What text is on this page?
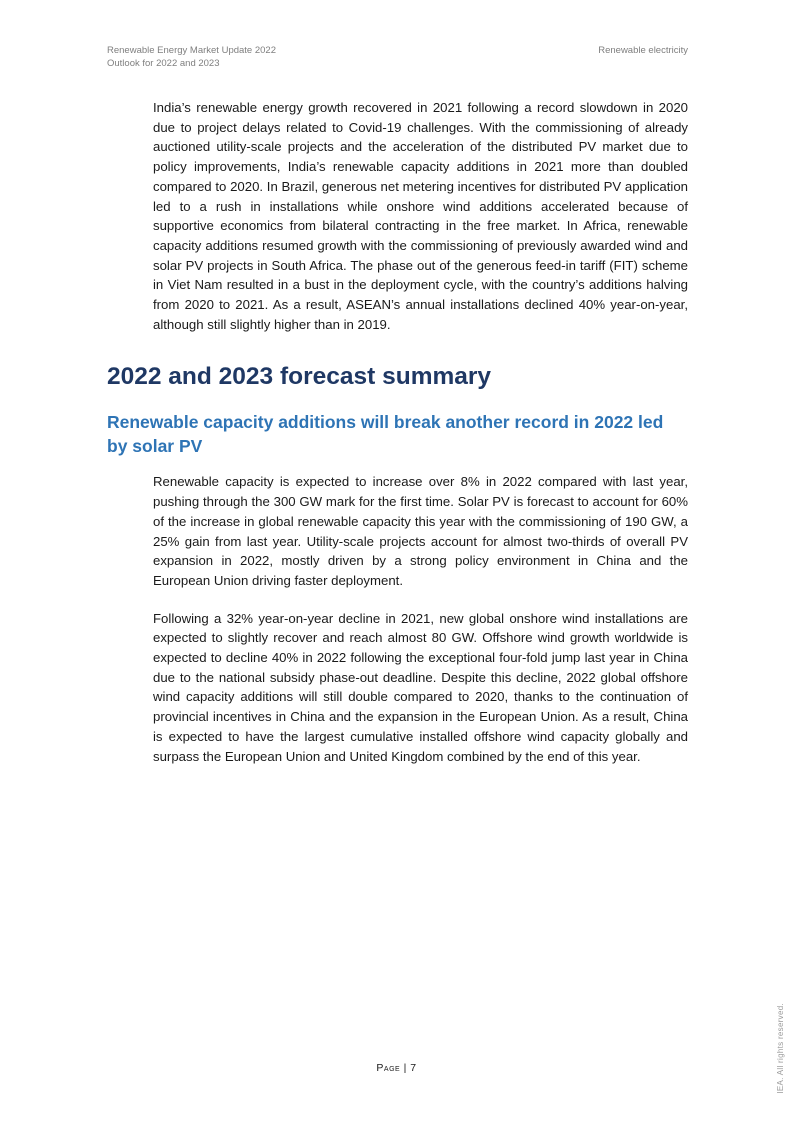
Renewable Energy Market Update 2022
Outlook for 2022 and 2023
Renewable electricity

India’s renewable energy growth recovered in 2021 following a record slowdown in 2020 due to project delays related to Covid-19 challenges. With the commissioning of already auctioned utility-scale projects and the acceleration of the distributed PV market due to policy improvements, India’s renewable capacity additions in 2021 more than doubled compared to 2020. In Brazil, generous net metering incentives for distributed PV application led to a rush in installations while onshore wind additions accelerated because of supportive economics from bilateral contracting in the free market. In Africa, renewable capacity additions resumed growth with the commissioning of previously awarded wind and solar PV projects in South Africa. The phase out of the generous feed-in tariff (FIT) scheme in Viet Nam resulted in a bust in the deployment cycle, with the country’s additions halving from 2020 to 2021. As a result, ASEAN’s annual installations declined 40% year-on-year, although still slightly higher than in 2019.

2022 and 2023 forecast summary
Renewable capacity additions will break another record in 2022 led by solar PV

Renewable capacity is expected to increase over 8% in 2022 compared with last year, pushing through the 300 GW mark for the first time. Solar PV is forecast to account for 60% of the increase in global renewable capacity this year with the commissioning of 190 GW, a 25% gain from last year. Utility-scale projects account for almost two-thirds of overall PV expansion in 2022, mostly driven by a strong policy environment in China and the European Union driving faster deployment.

Following a 32% year-on-year decline in 2021, new global onshore wind installations are expected to slightly recover and reach almost 80 GW. Offshore wind growth worldwide is expected to decline 40% in 2022 following the exceptional four-fold jump last year in China due to the national subsidy phase-out deadline. Despite this decline, 2022 global offshore wind capacity additions will still double compared to 2020, thanks to the continuation of provincial incentives in China and the expansion in the European Union. As a result, China is expected to have the largest cumulative installed offshore wind capacity globally and surpass the European Union and United Kingdom combined by the end of this year.

Page | 7	IEA. All rights reserved.
